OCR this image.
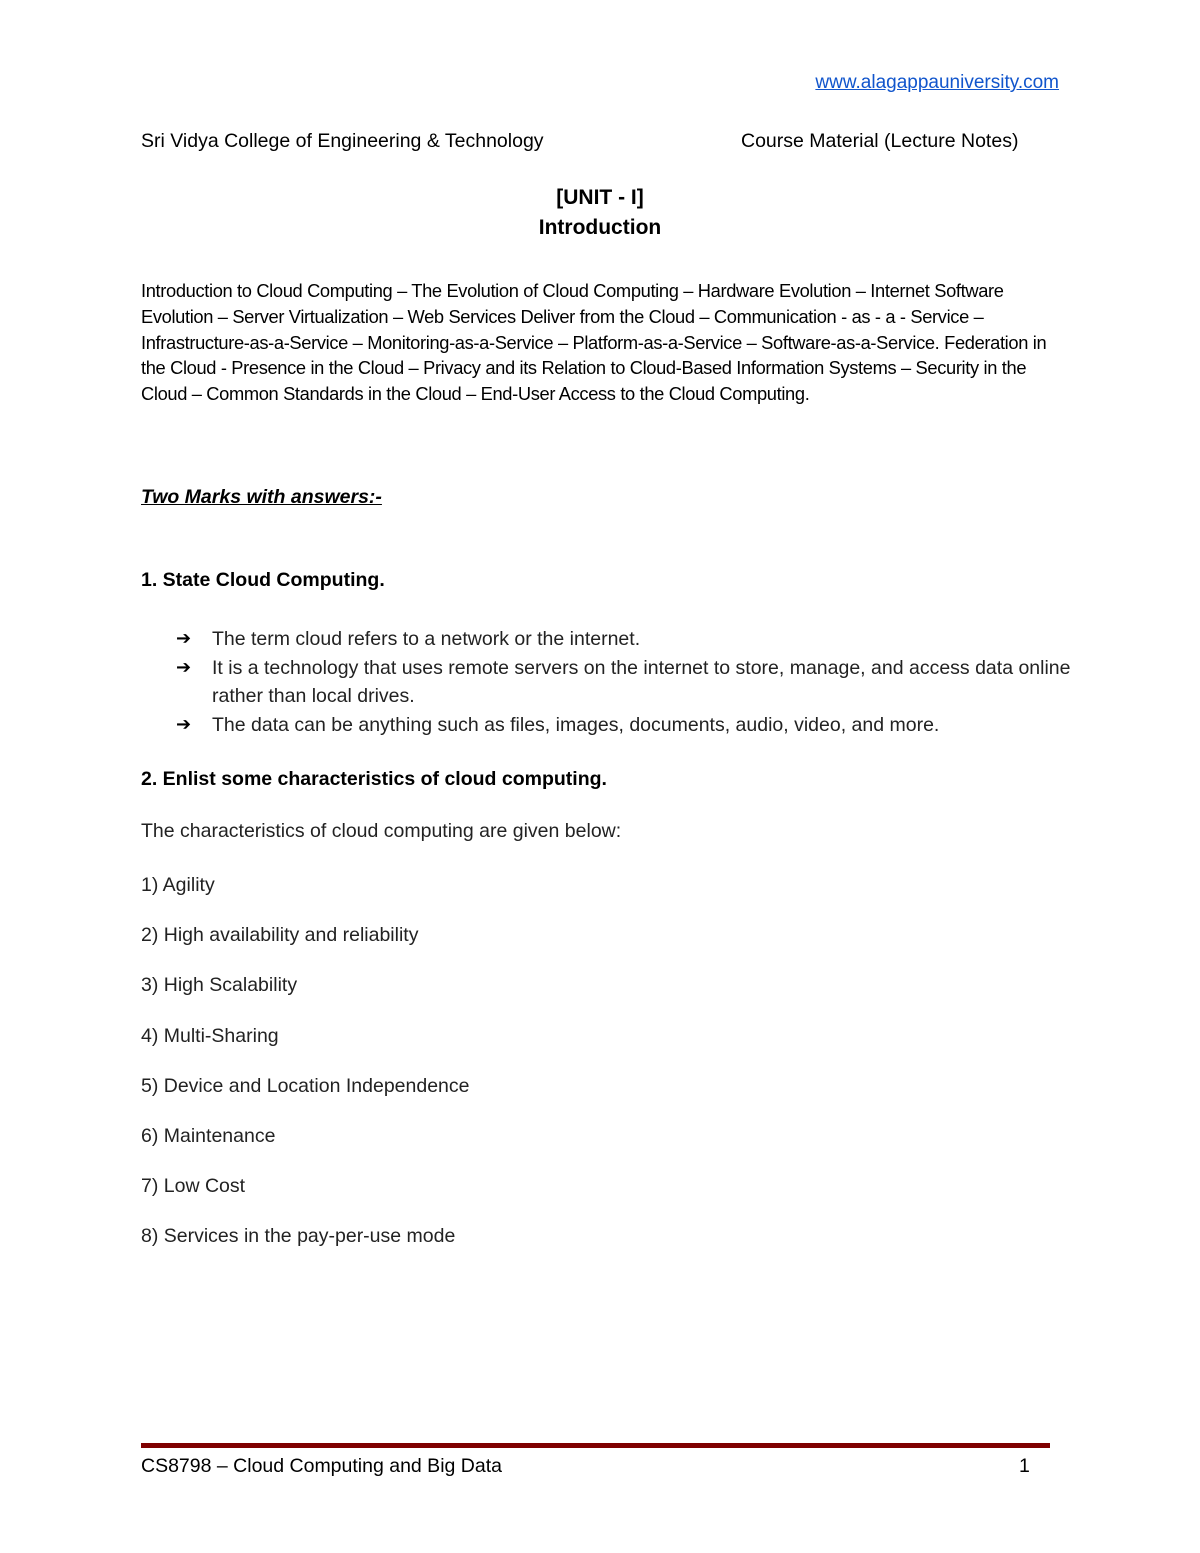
www.alagappauniversity.com
Sri Vidya College of Engineering & Technology	Course Material (Lecture Notes)
[UNIT - I]
Introduction
Introduction to Cloud Computing – The Evolution of Cloud Computing – Hardware Evolution – Internet Software Evolution – Server Virtualization – Web Services Deliver from the Cloud – Communication - as - a - Service – Infrastructure-as-a-Service – Monitoring-as-a-Service – Platform-as-a-Service – Software-as-a-Service. Federation in the Cloud - Presence in the Cloud – Privacy and its Relation to Cloud-Based Information Systems – Security in the Cloud – Common Standards in the Cloud – End-User Access to the Cloud Computing.
Two Marks with answers:-
1. State Cloud Computing.
➔ The term cloud refers to a network or the internet.
➔ It is a technology that uses remote servers on the internet to store, manage, and access data online rather than local drives.
➔ The data can be anything such as files, images, documents, audio, video, and more.
2. Enlist some characteristics of cloud computing.
The characteristics of cloud computing are given below:
1) Agility
2) High availability and reliability
3) High Scalability
4) Multi-Sharing
5) Device and Location Independence
6) Maintenance
7) Low Cost
8) Services in the pay-per-use mode
CS8798 – Cloud Computing and Big Data	1
